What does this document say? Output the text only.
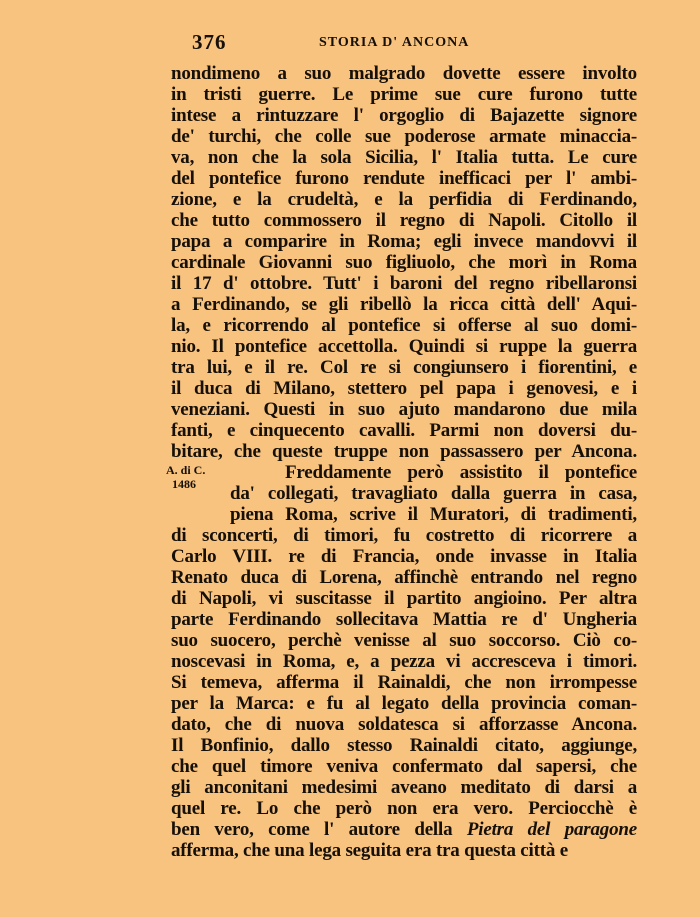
376	STORIA D' ANCONA
A. di C.
1486
nondimeno a suo malgrado dovette essere involto
in tristi guerre. Le prime sue cure furono tutte
intese a rintuzzare l' orgoglio di Bajazette signore
de' turchi, che colle sue poderose armate minaccia-
va, non che la sola Sicilia, l' Italia tutta. Le cure
del pontefice furono rendute inefficaci per l' ambi-
zione, e la crudeltà, e la perfidia di Ferdinando,
che tutto commossero il regno di Napoli. Citollo il
papa a comparire in Roma; egli invece mandovvi il
cardinale Giovanni suo figliuolo, che morì in Roma
il 17 d' ottobre. Tutt' i baroni del regno ribellaronsi
a Ferdinando, se gli ribellò la ricca città dell' Aqui-
la, e ricorrendo al pontefice si offerse al suo domi-
nio. Il pontefice accettolla. Quindi si ruppe la guerra
tra lui, e il re. Col re si congiunsero i fiorentini, e
il duca di Milano, stettero pel papa i genovesi, e i
veneziani. Questi in suo ajuto mandarono due mila
fanti, e cinquecento cavalli. Parmi non doversi du-
bitare, che queste truppe non passassero per Ancona.
Freddamente però assistito il pontefice
da' collegati, travagliato dalla guerra in casa,
piena Roma, scrive il Muratori, di tradimenti,
di sconcerti, di timori, fu costretto di ricorrere a
Carlo VIII. re di Francia, onde invasse in Italia
Renato duca di Lorena, affinchè entrando nel regno
di Napoli, vi suscitasse il partito angioino. Per altra
parte Ferdinando sollecitava Mattia re d' Ungheria
suo suocero, perchè venisse al suo soccorso. Ciò co-
noscevasi in Roma, e, a pezza vi accresceva i timori.
Si temeva, afferma il Rainaldi, che non irrompesse
per la Marca: e fu al legato della provincia coman-
dato, che di nuova soldatesca si afforzasse Ancona.
Il Bonfinio, dallo stesso Rainaldi citato, aggiunge,
che quel timore veniva confermato dal sapersi, che
gli anconitani medesimi aveano meditato di darsi a
quel re. Lo che però non era vero. Perciocchè è
ben vero, come l' autore della Pietra del paragone
afferma, che una lega seguita era tra questa città e
